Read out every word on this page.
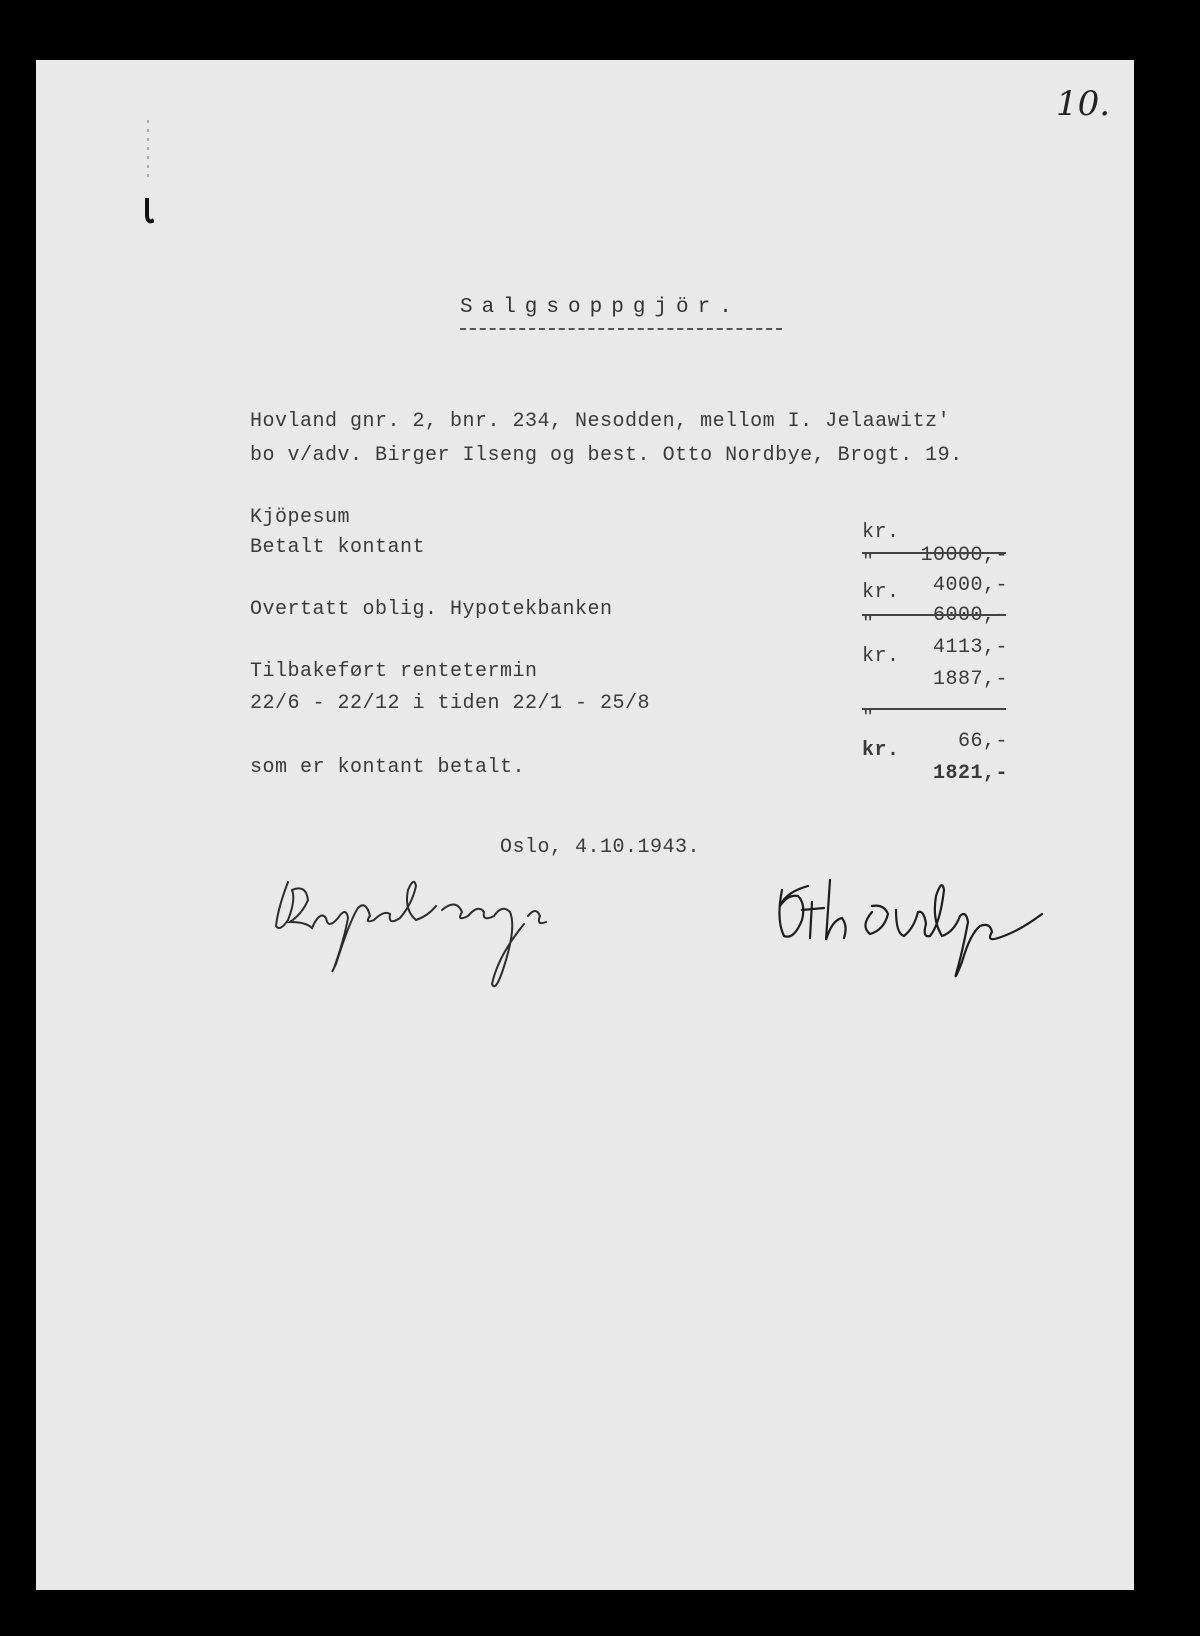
10.
Salgsoppgjör.
Hovland gnr. 2, bnr. 234, Nesodden, mellom I. Jelaawitz'
bo v/adv. Birger Ilseng og best. Otto Nordbye, Brogt. 19.
Kjöpesum

kr.

10000,-

Betalt kontant

"

4000,-

kr.

6000,-

Overtatt oblig. Hypotekbanken

"

4113,-

kr.

1887,-

Tilbakeført rentetermin
22/6 - 22/12 i tiden 22/1 - 25/8

"

66,-

kr.

1821,-

som er kontant betalt.
Oslo, 4.10.1943.
